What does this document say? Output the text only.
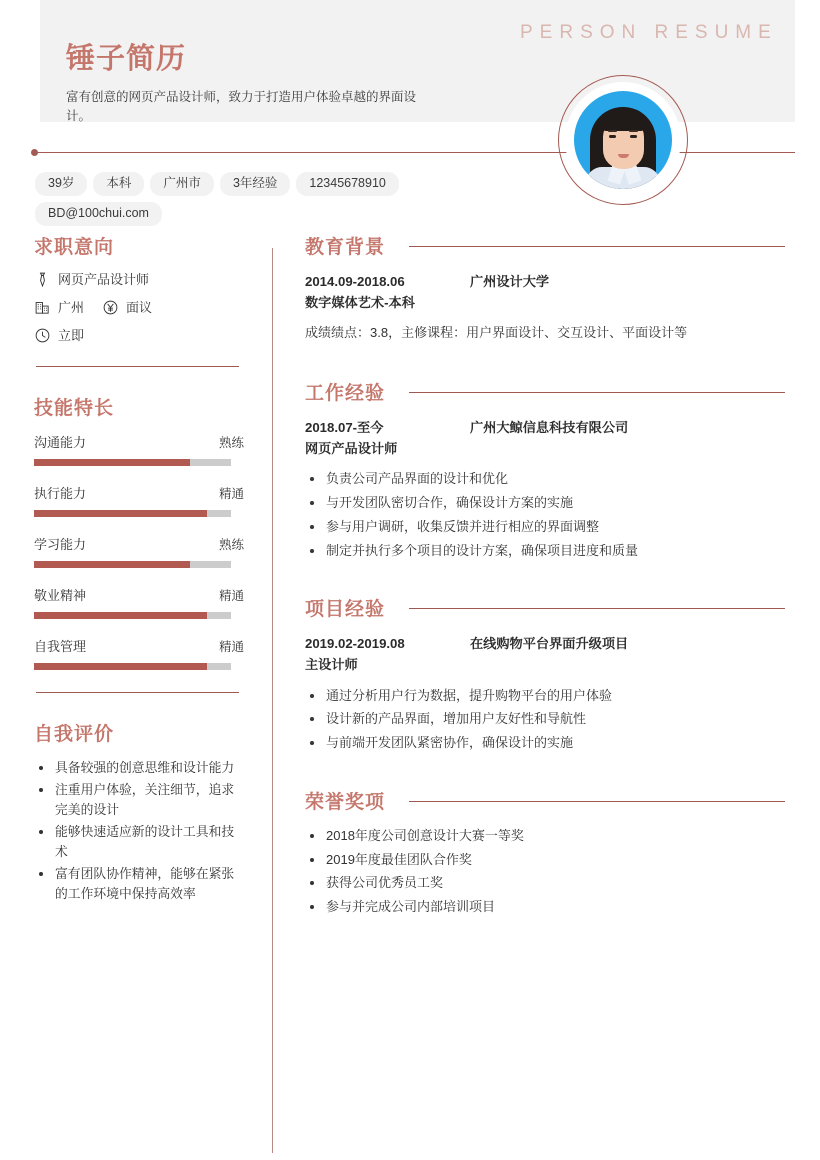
PERSON RESUME
锤子简历
富有创意的网页产品设计师，致力于打造用户体验卓越的界面设计。
39岁	本科	广州市	3年经验	12345678910
BD@100chui.com
求职意向
网页产品设计师
广州	面议
立即
技能特长
沟通能力	熟练
执行能力	精通
学习能力	熟练
敬业精神	精通
自我管理	精通
自我评价
具备较强的创意思维和设计能力
注重用户体验，关注细节，追求完美的设计
能够快速适应新的设计工具和技术
富有团队协作精神，能够在紧张的工作环境中保持高效率
教育背景
2014.09-2018.06	广州设计大学
数字媒体艺术-本科
成绩绩点：3.8，主修课程：用户界面设计、交互设计、平面设计等
工作经验
2018.07-至今	广州大鲸信息科技有限公司
网页产品设计师
负责公司产品界面的设计和优化
与开发团队密切合作，确保设计方案的实施
参与用户调研，收集反馈并进行相应的界面调整
制定并执行多个项目的设计方案，确保项目进度和质量
项目经验
2019.02-2019.08	在线购物平台界面升级项目
主设计师
通过分析用户行为数据，提升购物平台的用户体验
设计新的产品界面，增加用户友好性和导航性
与前端开发团队紧密协作，确保设计的实施
荣誉奖项
2018年度公司创意设计大赛一等奖
2019年度最佳团队合作奖
获得公司优秀员工奖
参与并完成公司内部培训项目
